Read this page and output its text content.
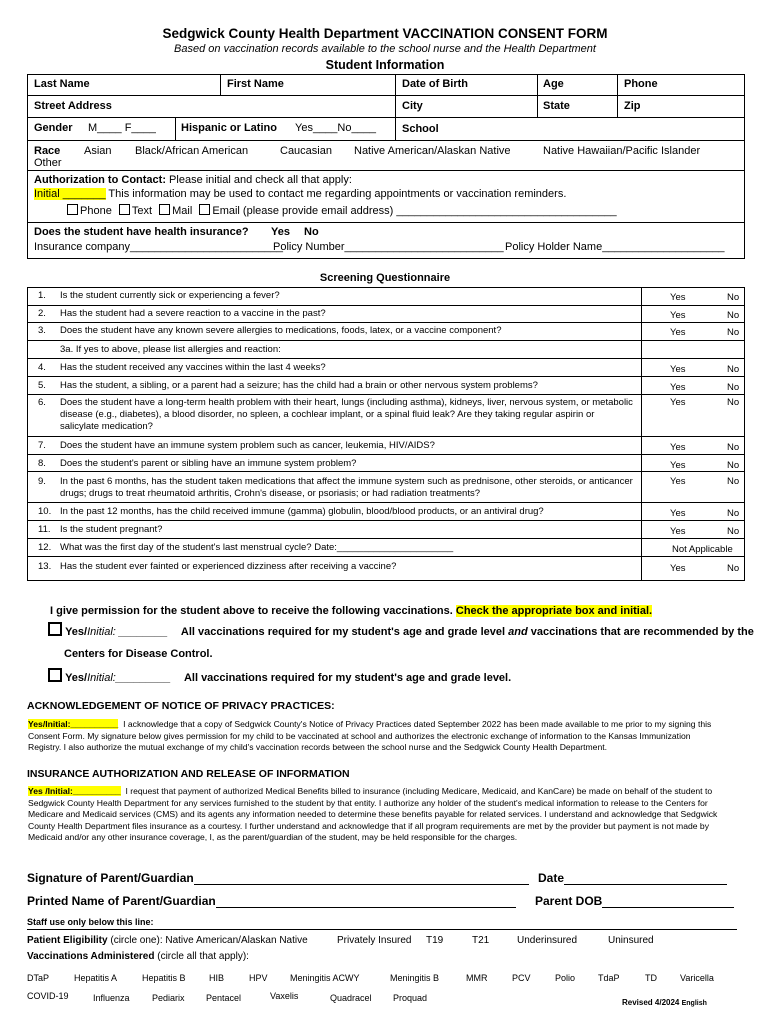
Sedgwick County Health Department VACCINATION CONSENT FORM
Based on vaccination records available to the school nurse and the Health Department
Student Information
Last Name	First Name	Date of Birth	Age	Phone
Street Address	City	State	Zip
Gender M____ F____ Hispanic or Latino Yes____No____ School
Race Asian Black/African American	Caucasian Native American/Alaskan Native	Native Hawaiian/Pacific Islander
Other
Authorization to Contact: Please initial and check all that apply:
Initial _______ This information may be used to contact me regarding appointments or vaccination reminders.
Phone Text Mail Email (please provide email address) ____________________________________
Does the student have health insurance? Yes No
Insurance company_________________________
Policy Number__________________________ Policy Holder Name____________________
Screening Questionnaire
1. Is the student currently sick or experiencing a fever?	Yes	No
2. Has the student had a severe reaction to a vaccine in the past?	Yes	No
3. Does the student have any known severe allergies to medications, foods, latex, or a vaccine component?	Yes	No
3a. If yes to above, please list allergies and reaction:
4. Has the student received any vaccines within the last 4 weeks?	Yes	No
5. Has the student, a sibling, or a parent had a seizure; has the child had a brain or other nervous system problems?	Yes	No
6. Does the student have a long-term health problem with their heart, lungs (including asthma), kidneys, liver, nervous system, or metabolic disease (e.g., diabetes), a blood disorder, no spleen, a cochlear implant, or a spinal fluid leak? Are they taking regular aspirin or salicylate medication?
Yes	No
7. Does the student have an immune system problem such as cancer, leukemia, HIV/AIDS?	Yes	No
8. Does the student's parent or sibling have an immune system problem?	Yes	No
9. In the past 6 months, has the student taken medications that affect the immune system such as prednisone, other steroids, or anticancer drugs; drugs to treat rheumatoid arthritis, Crohn's disease, or psoriasis; or had radiation treatments?
Yes	No
10. In the past 12 months, has the child received immune (gamma) globulin, blood/blood products, or an antiviral drug?	Yes	No
11. Is the student pregnant?	Yes	No
12. What was the first day of the student's last menstrual cycle? Date:______________________	Not Applicable
13. Has the student ever fainted or experienced dizziness after receiving a vaccine?	Yes	No
I give permission for the student above to receive the following vaccinations. Check the appropriate box and initial.
Yes/Initial: ________ All vaccinations required for my student's age and grade level and vaccinations that are recommended by the
Centers for Disease Control.
Yes/Initial:_________ All vaccinations required for my student's age and grade level.
ACKNOWLEDGEMENT OF NOTICE OF PRIVACY PRACTICES:
Yes/Initial:__________ I acknowledge that a copy of Sedgwick County's Notice of Privacy Practices dated September 2022 has been made available to me prior to my signing this Consent Form. My signature below gives permission for my child to be vaccinated at school and authorizes the electronic exchange of information to the Kansas Immunization Registry. I also authorize the mutual exchange of my child's vaccination records between the school nurse and the Sedgwick County Health Department.
INSURANCE AUTHORIZATION AND RELEASE OF INFORMATION
Yes /Initial:__________ I request that payment of authorized Medical Benefits billed to insurance (including Medicare, Medicaid, and KanCare) be made on behalf of the student to Sedgwick County Health Department for any services furnished to the student by that entity. I authorize any holder of the student's medical information to release to the Centers for Medicare and Medicaid services (CMS) and its agents any information needed to determine these benefits payable for related services. I understand and acknowledge that Sedgwick County Health Department files insurance as a courtesy. I further understand and acknowledge that if all program requirements are met by the provider but payment is not made by Medicaid and/or any other insurance coverage, I, as the parent/guardian of the student, may be held responsible for the charges.
Signature of Parent/Guardian	Date
Printed Name of Parent/Guardian	Parent DOB
Staff use only below this line:
Patient Eligibility (circle one): Native American/Alaskan Native	Privately Insured T19	T21	Underinsured	Uninsured
Vaccinations Administered (circle all that apply):
DTaP	Hepatitis A	Hepatitis B	HIB	HPV Meningitis ACWY	Meningitis B	MMR	PCV	Polio	TdaP	TD	Varicella
COVID-19	Influenza Pediarix Pentacel	Vaxelis	Quadracel Proquad	Revised 4/2024 English
